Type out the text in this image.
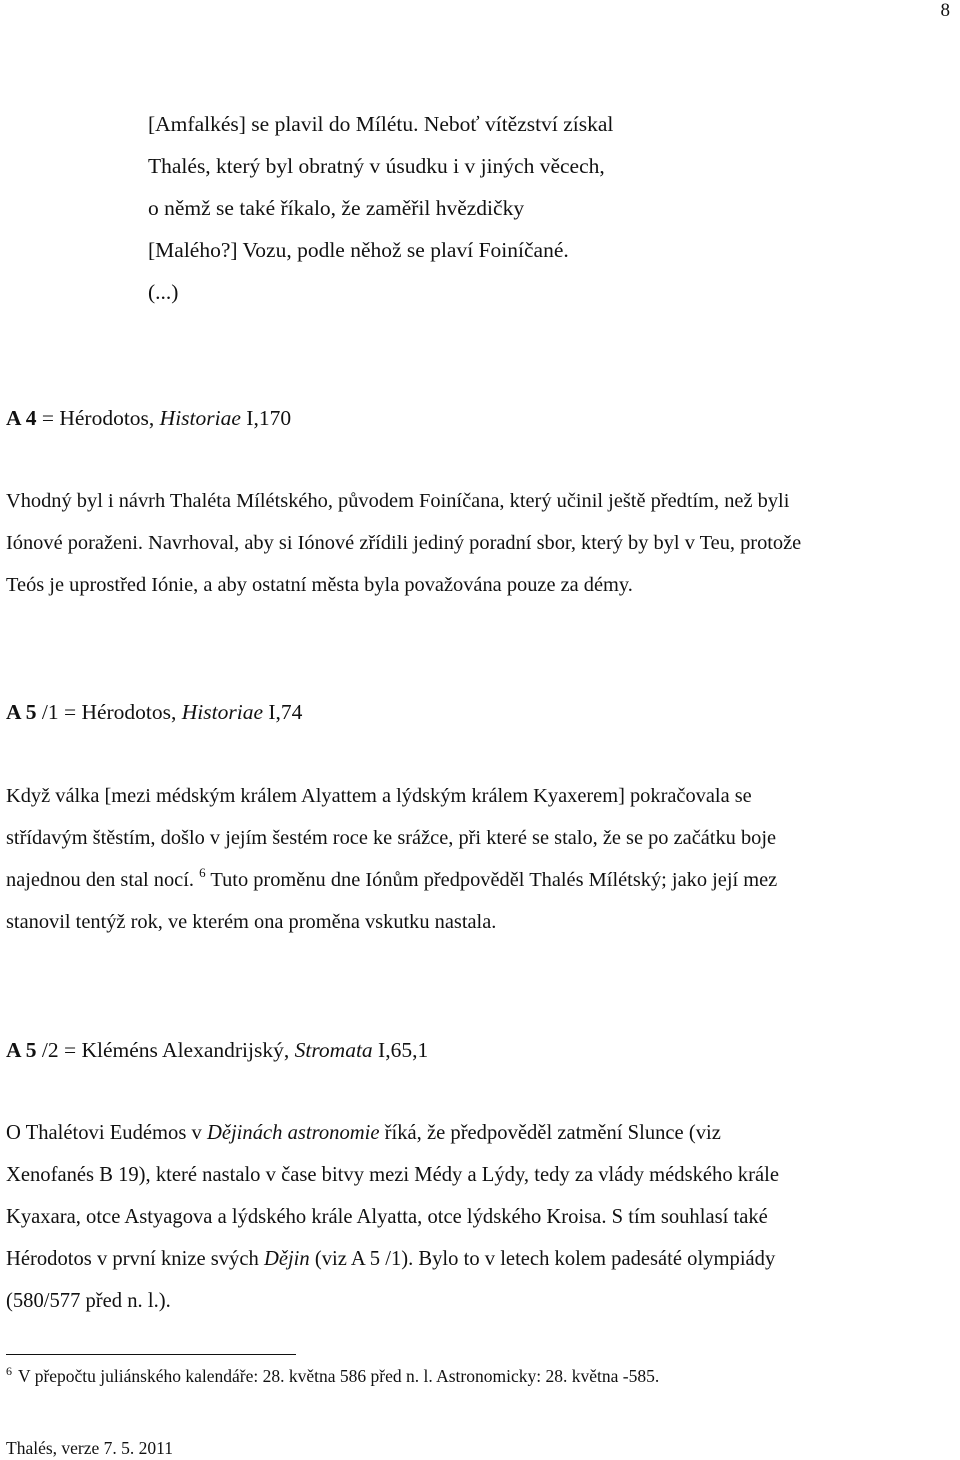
8
[Amfalkés] se plavil do Mílétu. Neboť vítězství získal
Thalés, který byl obratný v úsudku i v jiných věcech,
o němž se také říkalo, že zaměřil hvězdičky
[Malého?] Vozu, podle něhož se plaví Foiníčané.
(...)
A 4 = Hérodotos, Historiae I,170
Vhodný byl i návrh Thaléta Mílétského, původem Foiníčana, který učinil ještě předtím, než byli
Iónové poraženi. Navrhoval, aby si Iónové zřídili jediný poradní sbor, který by byl v Teu, protože
Teós je uprostřed Iónie, a aby ostatní města byla považována pouze za démy.
A 5 /1 = Hérodotos, Historiae I,74
Když válka [mezi médským králem Alyattem a lýdským králem Kyaxerem] pokračovala se
střídavým štěstím, došlo v jejím šestém roce ke srážce, při které se stalo, že se po začátku boje
najednou den stal nocí. $^6$ Tuto proměnu dne Iónům předpověděl Thalés Mílétský; jako její mez
stanovil tentýž rok, ve kterém ona proměna vskutku nastala.
A 5 /2 = Kléméns Alexandrijský, Stromata I,65,1
O Thalétovi Eudémos v Dějinách astronomie říká, že předpověděl zatmění Slunce (viz
Xenofanés B 19), které nastalo v čase bitvy mezi Médy a Lýdy, tedy za vlády médského krále
Kyaxara, otce Astyagova a lýdského krále Alyatta, otce lýdského Kroisa. S tím souhlasí také
Hérodotos v první knize svých Dějin (viz A 5 /1). Bylo to v letech kolem padesáté olympiády
(580/577 před n. l.).
$^6$ V přepočtu juliánského kalendáře: 28. května 586 před n. l. Astronomicky: 28. května -585.
Thalés, verze 7. 5. 2011
